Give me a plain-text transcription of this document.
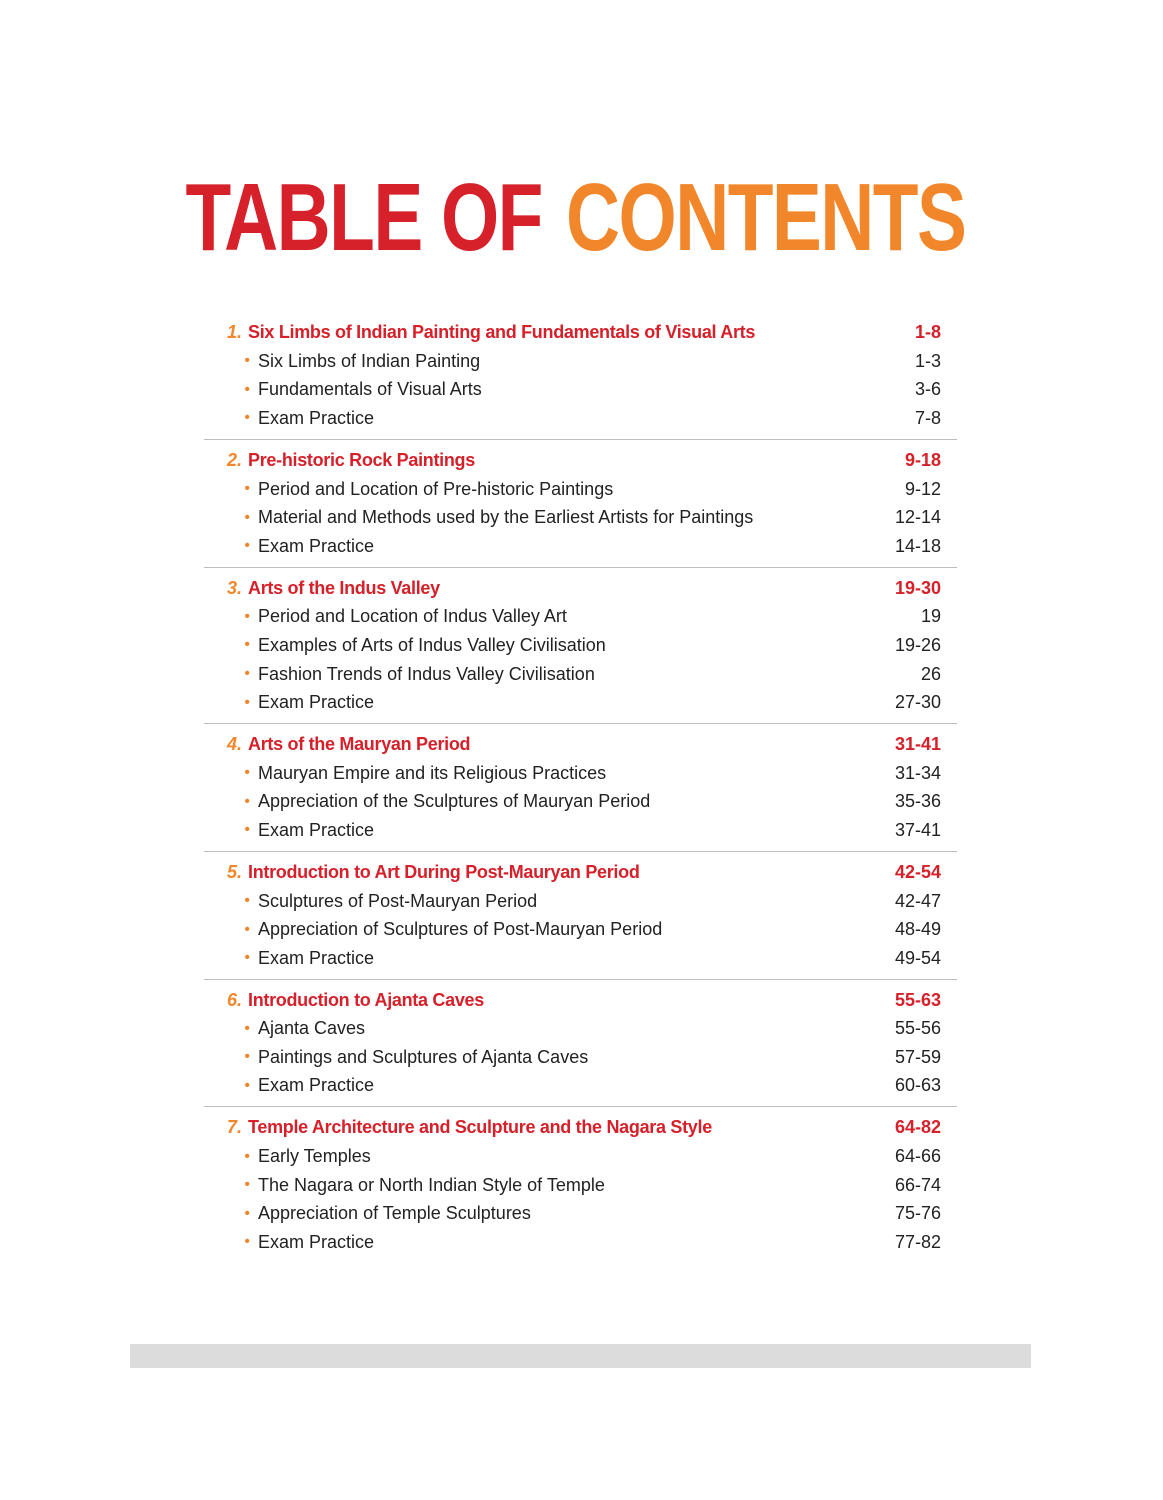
TABLE OF CONTENTS
1. Six Limbs of Indian Painting and Fundamentals of Visual Arts	1-8
• Six Limbs of Indian Painting	1-3
• Fundamentals of Visual Arts	3-6
• Exam Practice	7-8
2. Pre-historic Rock Paintings	9-18
• Period and Location of Pre-historic Paintings	9-12
• Material and Methods used by the Earliest Artists for Paintings	12-14
• Exam Practice	14-18
3. Arts of the Indus Valley	19-30
• Period and Location of Indus Valley Art	19
• Examples of Arts of Indus Valley Civilisation	19-26
• Fashion Trends of Indus Valley Civilisation	26
• Exam Practice	27-30
4. Arts of the Mauryan Period	31-41
• Mauryan Empire and its Religious Practices	31-34
• Appreciation of the Sculptures of Mauryan Period	35-36
• Exam Practice	37-41
5. Introduction to Art During Post-Mauryan Period	42-54
• Sculptures of Post-Mauryan Period	42-47
• Appreciation of Sculptures of Post-Mauryan Period	48-49
• Exam Practice	49-54
6. Introduction to Ajanta Caves	55-63
• Ajanta Caves	55-56
• Paintings and Sculptures of Ajanta Caves	57-59
• Exam Practice	60-63
7. Temple Architecture and Sculpture and the Nagara Style	64-82
• Early Temples	64-66
• The Nagara or North Indian Style of Temple	66-74
• Appreciation of Temple Sculptures	75-76
• Exam Practice	77-82
